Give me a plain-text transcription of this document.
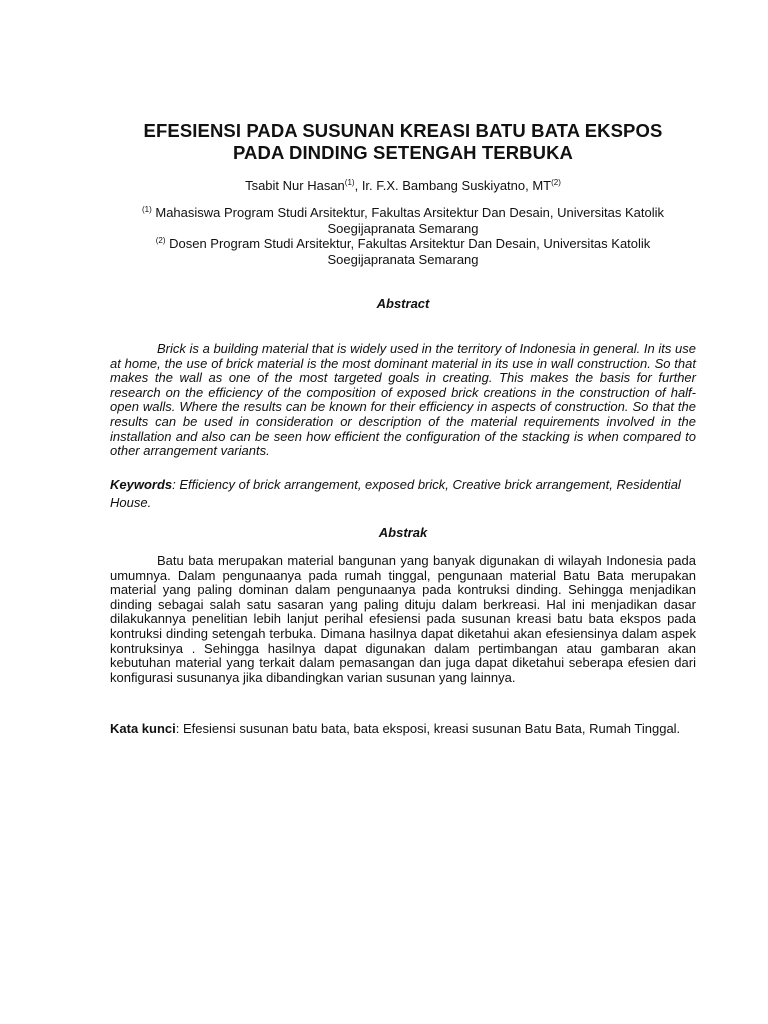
EFESIENSI PADA SUSUNAN KREASI BATU BATA EKSPOS
PADA DINDING SETENGAH TERBUKA
Tsabit Nur Hasan$^{(1)}$, Ir. F.X. Bambang Suskiyatno, MT$^{(2)}$
$^{(1)}$ Mahasiswa Program Studi Arsitektur, Fakultas Arsitektur Dan Desain, Universitas Katolik
Soegijapranata Semarang
$^{(2)}$ Dosen Program Studi Arsitektur, Fakultas Arsitektur Dan Desain, Universitas Katolik
Soegijapranata Semarang
Abstract

Brick is a building material that is widely used in the territory of Indonesia in general. In its use at home, the use of brick material is the most dominant material in its use in wall construction. So that makes the wall as one of the most targeted goals in creating. This makes the basis for further research on the efficiency of the composition of exposed brick creations in the construction of half-open walls. Where the results can be known for their efficiency in aspects of construction. So that the results can be used in consideration or description of the material requirements involved in the installation and also can be seen how efficient the configuration of the stacking is when compared to other arrangement variants.

Keywords: Efficiency of brick arrangement, exposed brick, Creative brick arrangement, Residential House.
Abstrak

Batu bata merupakan material bangunan yang banyak digunakan di wilayah Indonesia pada umumnya. Dalam pengunaanya pada rumah tinggal, pengunaan material Batu Bata merupakan material yang paling dominan dalam pengunaanya pada kontruksi dinding. Sehingga menjadikan dinding sebagai salah satu sasaran yang paling dituju dalam berkreasi. Hal ini menjadikan dasar dilakukannya penelitian lebih lanjut perihal efesiensi pada susunan kreasi batu bata ekspos pada kontruksi dinding setengah terbuka. Dimana hasilnya dapat diketahui akan efesiensinya dalam aspek kontruksinya . Sehingga hasilnya dapat digunakan dalam pertimbangan atau gambaran akan kebutuhan material yang terkait dalam pemasangan dan juga dapat diketahui seberapa efesien dari konfigurasi susunanya jika dibandingkan varian susunan yang lainnya.

Kata kunci: Efesiensi susunan batu bata, bata eksposi, kreasi susunan Batu Bata, Rumah Tinggal.
